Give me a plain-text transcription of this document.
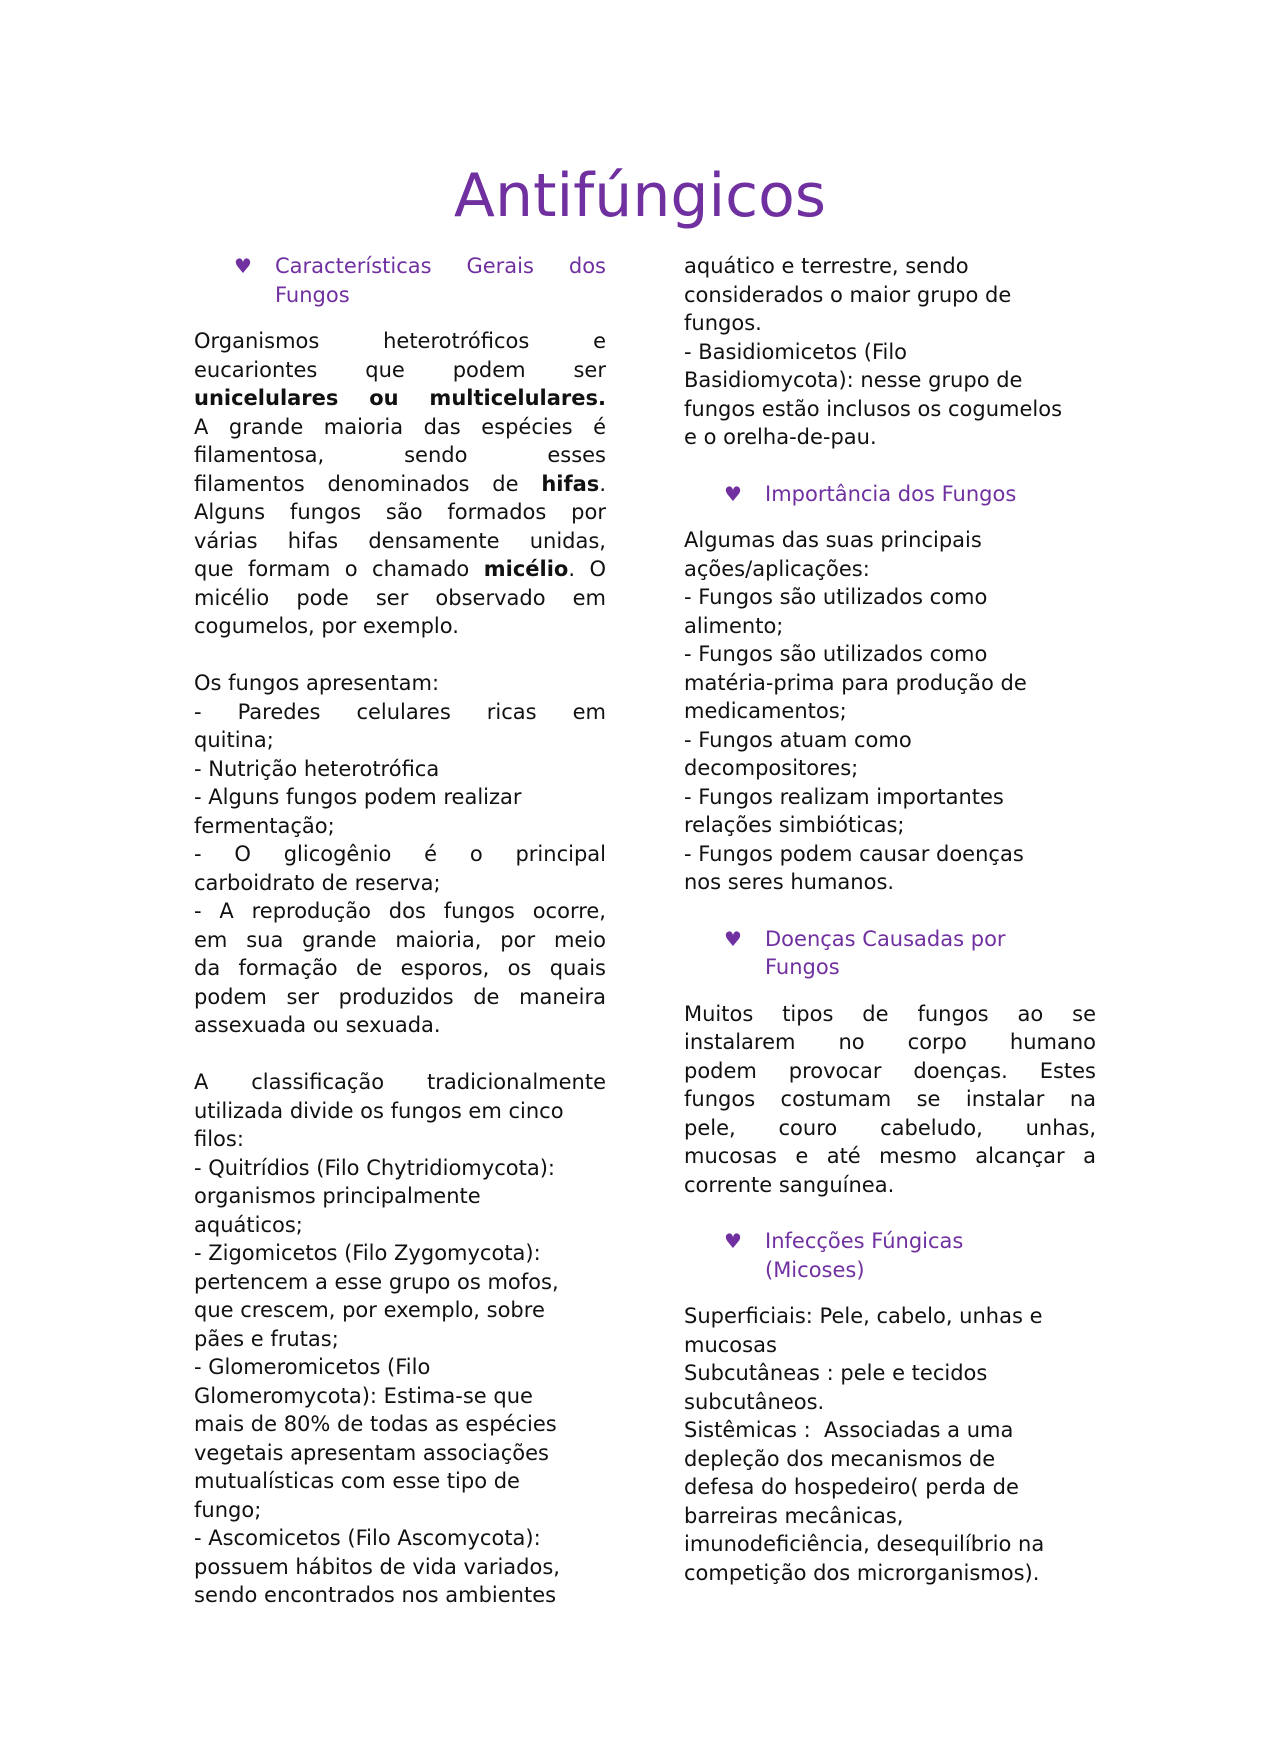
Antifúngicos
♥	Características Gerais dos Fungos
Organismos heterotróficos e
eucariontes que podem ser
unicelulares ou multicelulares.
A grande maioria das espécies é
filamentosa, sendo esses
filamentos denominados de hifas.
Alguns fungos são formados por
várias hifas densamente unidas,
que formam o chamado micélio. O
micélio pode ser observado em
cogumelos, por exemplo.
Os fungos apresentam:
- Paredes celulares ricas em
quitina;
- Nutrição heterotrófica
- Alguns fungos podem realizar
fermentação;
- O glicogênio é o principal
carboidrato de reserva;
- A reprodução dos fungos ocorre,
em sua grande maioria, por meio
da formação de esporos, os quais
podem ser produzidos de maneira
assexuada ou sexuada.
A classificação tradicionalmente
utilizada divide os fungos em cinco
filos:
- Quitrídios (Filo Chytridiomycota):
organismos principalmente
aquáticos;
- Zigomicetos (Filo Zygomycota):
pertencem a esse grupo os mofos,
que crescem, por exemplo, sobre
pães e frutas;
- Glomeromicetos (Filo
Glomeromycota): Estima-se que
mais de 80% de todas as espécies
vegetais apresentam associações
mutualísticas com esse tipo de
fungo;
- Ascomicetos (Filo Ascomycota):
possuem hábitos de vida variados,
sendo encontrados nos ambientes
aquático e terrestre, sendo
considerados o maior grupo de
fungos.
- Basidiomicetos (Filo
Basidiomycota): nesse grupo de
fungos estão inclusos os cogumelos
e o orelha-de-pau.
♥	Importância dos Fungos
Algumas das suas principais
ações/aplicações:
- Fungos são utilizados como
alimento;
- Fungos são utilizados como
matéria-prima para produção de
medicamentos;
- Fungos atuam como
decompositores;
- Fungos realizam importantes
relações simbióticas;
- Fungos podem causar doenças
nos seres humanos.
♥	Doenças Causadas por Fungos
Muitos tipos de fungos ao se
instalarem no corpo humano
podem provocar doenças. Estes
fungos costumam se instalar na
pele, couro cabeludo, unhas,
mucosas e até mesmo alcançar a
corrente sanguínea.
♥	Infecções Fúngicas (Micoses)
Superficiais: Pele, cabelo, unhas e
mucosas
Subcutâneas : pele e tecidos
subcutâneos.
Sistêmicas :  Associadas a uma
depleção dos mecanismos de
defesa do hospedeiro( perda de
barreiras mecânicas,
imunodeficiência, desequilíbrio na
competição dos microrganismos).
